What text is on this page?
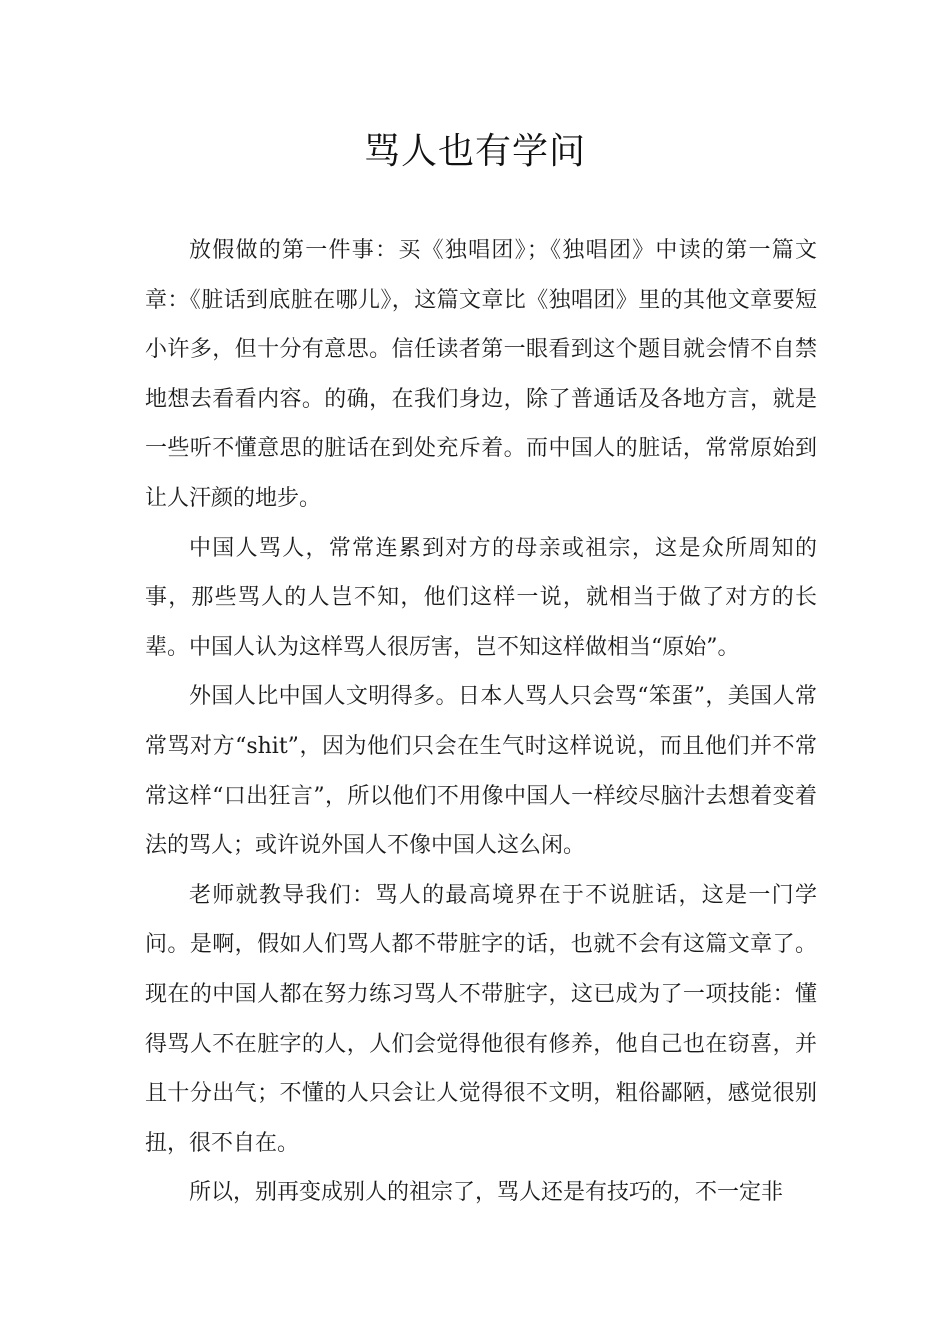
骂人也有学问

放假做的第一件事：买《独唱团》；《独唱团》中读的第一篇文章：《脏话到底脏在哪儿》，这篇文章比《独唱团》里的其他文章要短小许多，但十分有意思。信任读者第一眼看到这个题目就会情不自禁地想去看看内容。的确，在我们身边，除了普通话及各地方言，就是一些听不懂意思的脏话在到处充斥着。而中国人的脏话，常常原始到让人汗颜的地步。

中国人骂人，常常连累到对方的母亲或祖宗，这是众所周知的事，那些骂人的人岂不知，他们这样一说，就相当于做了对方的长辈。中国人认为这样骂人很厉害，岂不知这样做相当“原始”。

外国人比中国人文明得多。日本人骂人只会骂“笨蛋”，美国人常常骂对方“shit”，因为他们只会在生气时这样说说，而且他们并不常常这样“口出狂言”，所以他们不用像中国人一样绞尽脑汁去想着变着法的骂人；或许说外国人不像中国人这么闲。

老师就教导我们：骂人的最高境界在于不说脏话，这是一门学问。是啊，假如人们骂人都不带脏字的话，也就不会有这篇文章了。现在的中国人都在努力练习骂人不带脏字，这已成为了一项技能：懂得骂人不在脏字的人，人们会觉得他很有修养，他自己也在窃喜，并且十分出气；不懂的人只会让人觉得很不文明，粗俗鄙陋，感觉很别扭，很不自在。

所以，别再变成别人的祖宗了，骂人还是有技巧的，不一定非
